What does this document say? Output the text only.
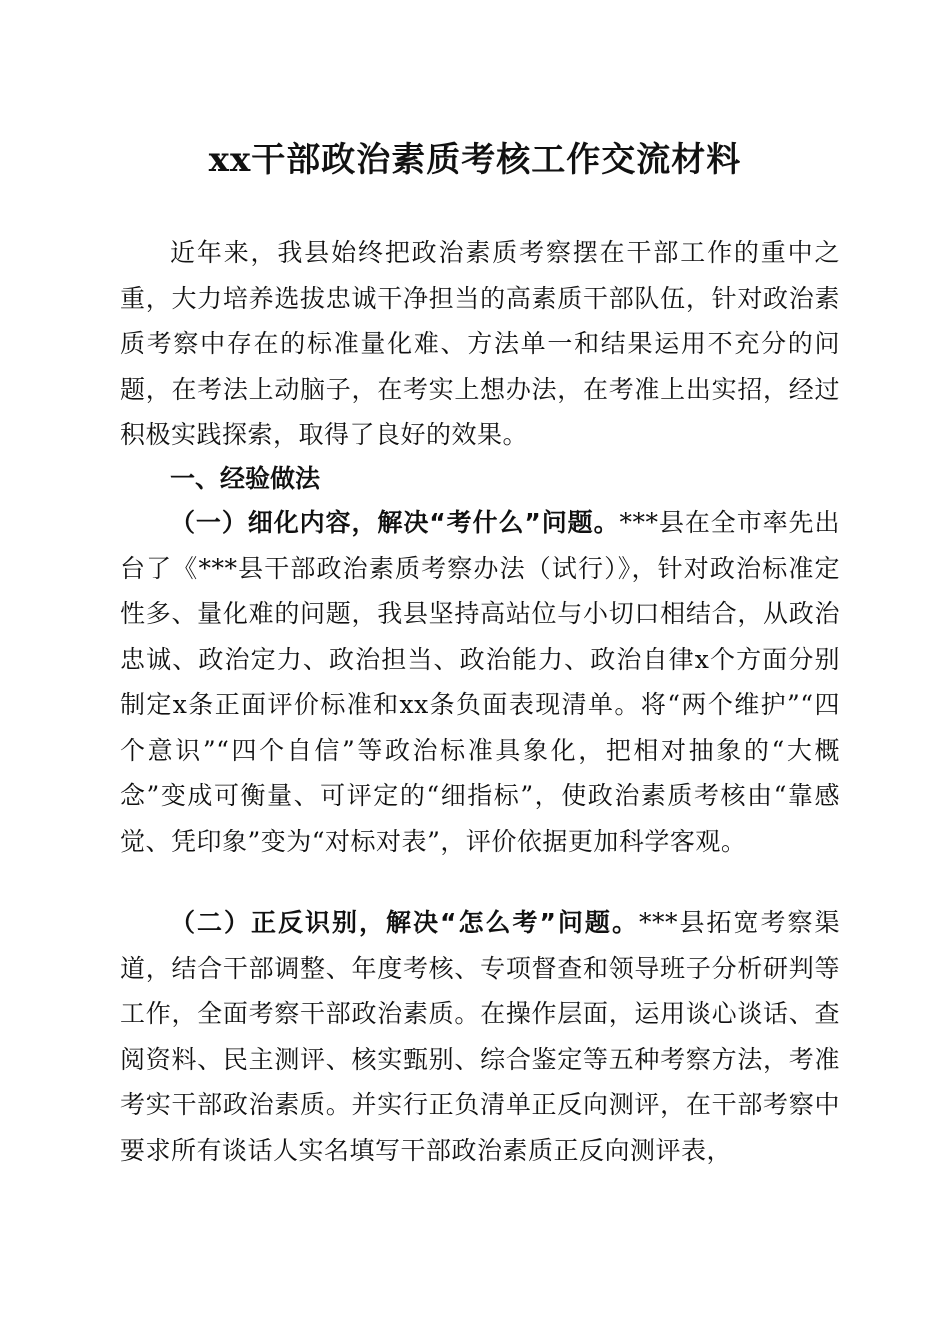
xx干部政治素质考核工作交流材料

近年来，我县始终把政治素质考察摆在干部工作的重中之重，大力培养选拔忠诚干净担当的高素质干部队伍，针对政治素质考察中存在的标准量化难、方法单一和结果运用不充分的问题，在考法上动脑子，在考实上想办法，在考准上出实招，经过积极实践探索，取得了良好的效果。

一、经验做法

（一）细化内容，解决“考什么”问题。***县在全市率先出台了《***县干部政治素质考察办法（试行）》，针对政治标准定性多、量化难的问题，我县坚持高站位与小切口相结合，从政治忠诚、政治定力、政治担当、政治能力、政治自律x个方面分别制定x条正面评价标准和xx条负面表现清单。将“两个维护”“四个意识”“四个自信”等政治标准具象化，把相对抽象的“大概念”变成可衡量、可评定的“细指标”，使政治素质考核由“靠感觉、凭印象”变为“对标对表”，评价依据更加科学客观。

（二）正反识别，解决“怎么考”问题。***县拓宽考察渠道，结合干部调整、年度考核、专项督查和领导班子分析研判等工作，全面考察干部政治素质。在操作层面，运用谈心谈话、查阅资料、民主测评、核实甄别、综合鉴定等五种考察方法，考准考实干部政治素质。并实行正负清单正反向测评，在干部考察中要求所有谈话人实名填写干部政治素质正反向测评表，
